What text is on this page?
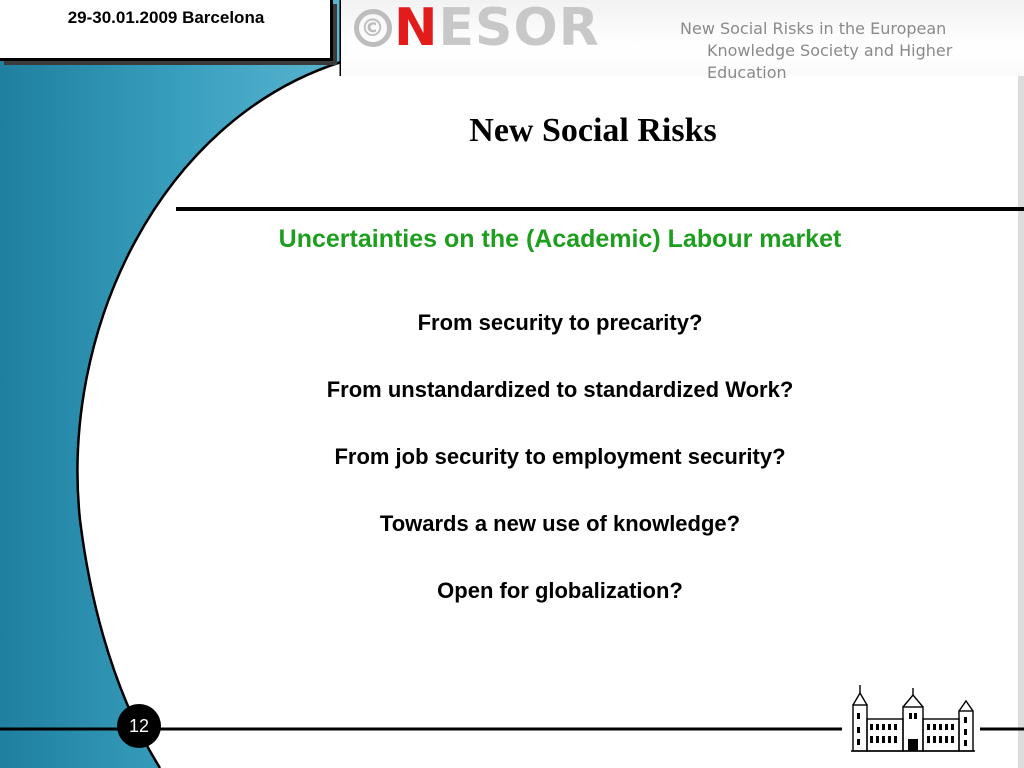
29-30.01.2009 Barcelona	© N ESOR	New Social Risks in the European
Knowledge Society and Higher Education
New Social Risks
Uncertainties on the (Academic) Labour market
From security to precarity?
From unstandardized to standardized Work?
From job security to employment security?
Towards a new use of knowledge?
Open for globalization?
12
